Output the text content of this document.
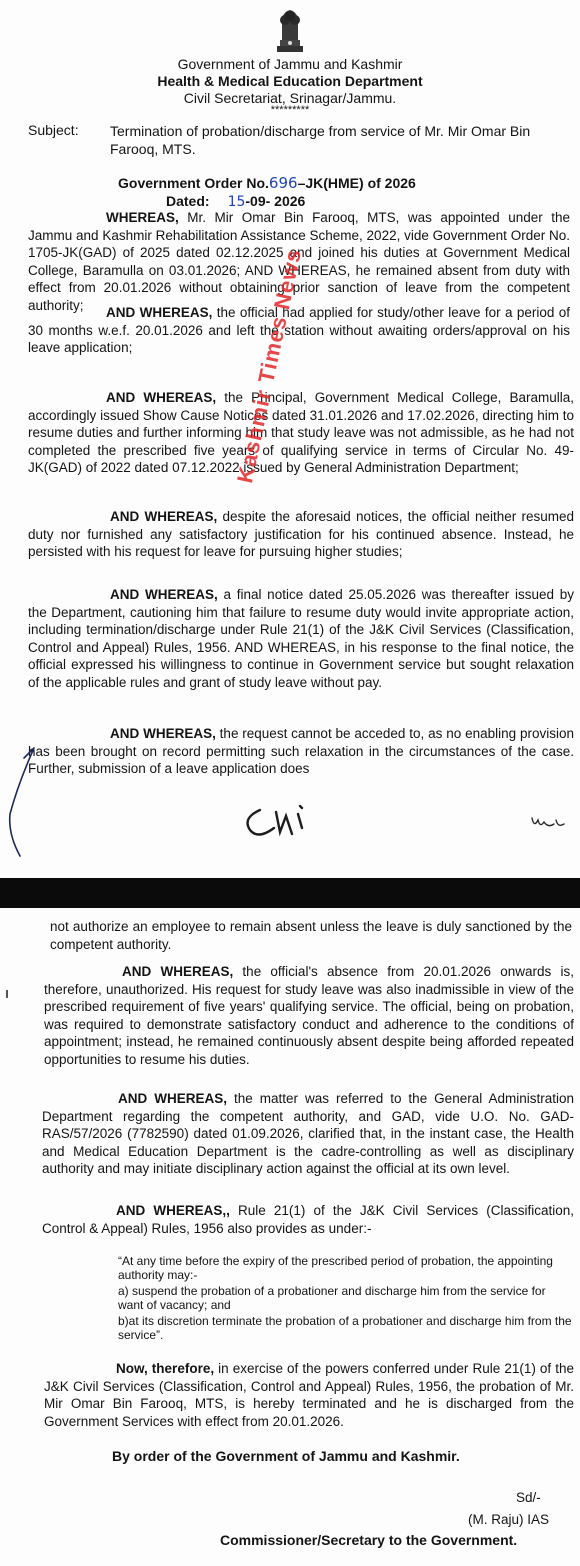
Government of Jammu and Kashmir
Health & Medical Education Department
Civil Secretariat, Srinagar/Jammu.
*********
Subject: Termination of probation/discharge from service of Mr. Mir Omar Bin Farooq, MTS.
Government Order No.696–JK(HME) of 2026
Dated: 15-09- 2026

WHEREAS, Mr. Mir Omar Bin Farooq, MTS, was appointed under the Jammu and Kashmir Rehabilitation Assistance Scheme, 2022, vide Government Order No. 1705-JK(GAD) of 2025 dated 02.12.2025 and joined his duties at Government Medical College, Baramulla on 03.01.2026; AND WHEREAS, he remained absent from duty with effect from 20.01.2026 without obtaining prior sanction of leave from the competent authority;	AND WHEREAS, the official had applied for study/other leave for a period of 30 months w.e.f. 20.01.2026 and left the station without awaiting orders/approval on his leave application;

AND WHEREAS, the Principal, Government Medical College, Baramulla, accordingly issued Show Cause Notices dated 31.01.2026 and 17.02.2026, directing him to resume duties and further informing him that study leave was not admissible, as he had not completed the prescribed five years of qualifying service in terms of Circular No. 49- JK(GAD) of 2022 dated 07.12.2022 issued by General Administration Department;

AND WHEREAS, despite the aforesaid notices, the official neither resumed duty nor furnished any satisfactory justification for his continued absence. Instead, he persisted with his request for leave for pursuing higher studies;

AND WHEREAS, a final notice dated 25.05.2026 was thereafter issued by the Department, cautioning him that failure to resume duty would invite appropriate action, including termination/discharge under Rule 21(1) of the J&K Civil Services (Classification, Control and Appeal) Rules, 1956. AND WHEREAS, in his response to the final notice, the official expressed his willingness to continue in Government service but sought relaxation of the applicable rules and grant of study leave without pay.

AND WHEREAS, the request cannot be acceded to, as no enabling provision has been brought on record permitting such relaxation in the circumstances of the case. Further, submission of a leave application does

Kashmir Times News

not authorize an employee to remain absent unless the leave is duly sanctioned by the competent authority.

AND WHEREAS, the official's absence from 20.01.2026 onwards is, therefore, unauthorized. His request for study leave was also inadmissible in view of the prescribed requirement of five years' qualifying service. The official, being on probation, was required to demonstrate satisfactory conduct and adherence to the conditions of appointment; instead, he remained continuously absent despite being afforded repeated opportunities to resume his duties.

AND WHEREAS, the matter was referred to the General Administration Department regarding the competent authority, and GAD, vide U.O. No. GAD-RAS/57/2026 (7782590) dated 01.09.2026, clarified that, in the instant case, the Health and Medical Education Department is the cadre-controlling as well as disciplinary authority and may initiate disciplinary action against the official at its own level.

AND WHEREAS,, Rule 21(1) of the J&K Civil Services (Classification, Control & Appeal) Rules, 1956 also provides as under:-

“At any time before the expiry of the prescribed period of probation, the appointing authority may:-

a) suspend the probation of a probationer and discharge him from the service for want of vacancy; and

b)at its discretion terminate the probation of a probationer and discharge him from the service”.

Now, therefore, in exercise of the powers conferred under Rule 21(1) of the J&K Civil Services (Classification, Control and Appeal) Rules, 1956, the probation of Mr. Mir Omar Bin Farooq, MTS, is hereby terminated and he is discharged from the Government Services with effect from 20.01.2026.

By order of the Government of Jammu and Kashmir.
Sd/-
(M. Raju) IAS
Commissioner/Secretary to the Government.
